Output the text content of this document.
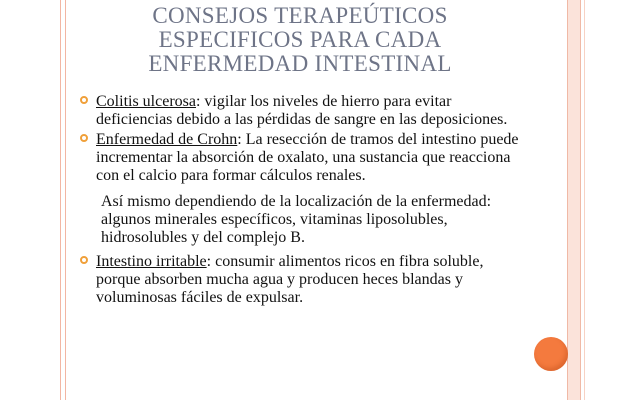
CONSEJOS TERAPEÚTICOS
ESPECIFICOS PARA CADA
ENFERMEDAD INTESTINAL
Colitis ulcerosa: vigilar los niveles de hierro para evitar deficiencias debido a las pérdidas de sangre en las deposiciones.
Enfermedad de Crohn: La resección de tramos del intestino puede incrementar la absorción de oxalato, una sustancia que reacciona con el calcio para formar cálculos renales.
Así mismo dependiendo de la localización de la enfermedad: algunos minerales específicos, vitaminas liposolubles, hidrosolubles y del complejo B.
Intestino irritable: consumir alimentos ricos en fibra soluble, porque absorben mucha agua y producen heces blandas y voluminosas fáciles de expulsar.
